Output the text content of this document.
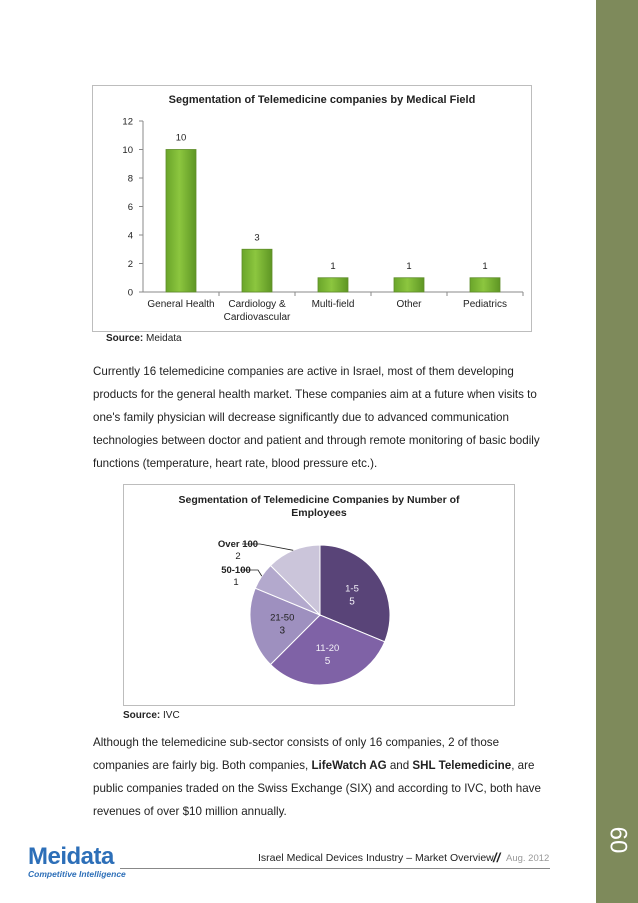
60
Segmentation of Telemedicine companies by Medical Field
0
2
4
6
8
10
12
10
General Health
3
Cardiology &
Cardiovascular
1
Multi-field
1
Other
1
Pediatrics
Source: Meidata

Currently 16 telemedicine companies are active in Israel, most of them developing

products for the general health market. These companies aim at a future when visits to

one's family physician will decrease significantly due to advanced communication

technologies between doctor and patient and through remote monitoring of basic bodily

functions (temperature, heart rate, blood pressure etc.).

Segmentation of Telemedicine Companies by Number of
Employees
1-5
5
11-20
5
21-50
3
50-100
1
Over 100
2
Source: IVC

Although the telemedicine sub-sector consists of only 16 companies, 2 of those

companies are fairly big. Both companies, LifeWatch AG and SHL Telemedicine, are

public companies traded on the Swiss Exchange (SIX) and according to IVC, both have

revenues of over $10 million annually.

Meidata
Competitive Intelligence
Israel Medical Devices Industry – Market Overview // Aug. 2012
